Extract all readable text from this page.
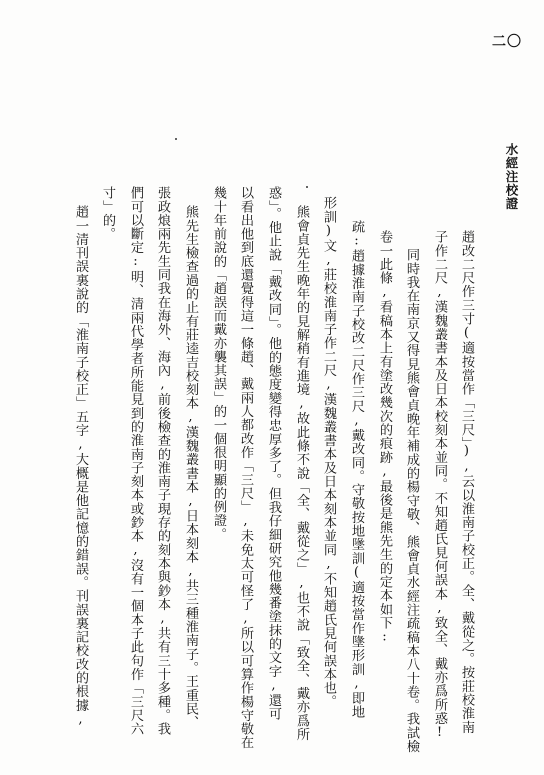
水經注校證
二〇
趙改二尺作三寸(適按當作「三尺」),云以淮南子校正。全、戴從之。按莊校淮南
子作二尺,漢魏叢書本及日本校刻本並同。不知趙氏見何誤本,致全、戴亦爲所惑!
同時我在南京又得見熊會貞晚年補成的楊守敬、熊會貞水經注疏稿本八十卷。我試檢
卷一此條,看稿本上有塗改幾次的痕跡,最後是熊先生的定本如下:
疏:趙據淮南子校改二尺作三尺,戴改同。守敬按地墬訓(適按當作墬形訓,即地
形訓)文,莊校淮南子作二尺,漢魏叢書本及日本刻本並同,不知趙氏見何誤本也。
熊會貞先生晚年的見解稍有進境,故此條不說「全、戴從之」,也不說「致全、戴亦爲所
惑」。他止說「戴改同」。他的態度變得忠厚多了。但我仔細研究他幾番塗抹的文字,還可
以看出他到底還覺得這一條趙、戴兩人都改作「三尺」,未免太可怪了,所以可算作楊守敬在
幾十年前說的「趙誤而戴亦襲其誤」的一個很明顯的例證。
熊先生檢查過的止有莊逵吉校刻本,漢魏叢書本,日本刻本,共三種淮南子。王重民、
張政烺兩先生同我在海外、海內,前後檢查的淮南子現存的刻本與鈔本,共有三十多種。我
們可以斷定:明、清兩代學者所能見到的淮南子刻本或鈔本,沒有一個本子此句作「三尺六
寸」的。
趙一清刊誤裏說的「淮南子校正」五字,大概是他記憶的錯誤。刊誤裏記校改的根據,
